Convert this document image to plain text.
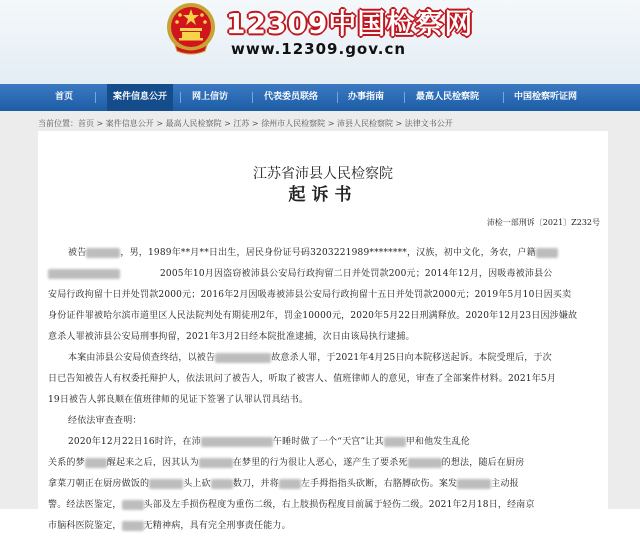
12309中国检察网
www.12309.gov.cn
首页	案件信息公开	网上信访	代表委员联络	办事指南	最高人民检察院	中国检察听证网
当前位置：首页 > 案件信息公开 > 最高人民检察院 > 江苏 > 徐州市人民检察院 > 沛县人民检察院 > 法律文书公开
江苏省沛县人民检察院
起诉书
沛检一部刑诉〔2021〕Z232号
被告	，男，1989年**月**日出生，居民身份证号码3203221989********，汉族，初中文化，务农，户籍
2005年10月因盗窃被沛县公安局行政拘留二日并处罚款200元；2014年12月，因吸毒被沛县公
安局行政拘留十日并处罚款2000元；2016年2月因吸毒被沛县公安局行政拘留十五日并处罚款2000元；2019年5月10日因买卖
身份证件罪被哈尔滨市道里区人民法院判处有期徒刑2年，罚金10000元，2020年5月22日刑满释放。2020年12月23日因涉嫌故
意杀人罪被沛县公安局刑事拘留，2021年3月2日经本院批准逮捕，次日由该局执行逮捕。
本案由沛县公安局侦查终结，以被告	故意杀人罪，于2021年4月25日向本院移送起诉。本院受理后，于次
日已告知被告人有权委托辩护人，依法讯问了被告人，听取了被害人、值班律师人的意见，审查了全部案件材料。2021年5月
19日被告人郭良顺在值班律师的见证下签署了认罪认罚具结书。
经依法审查查明：
2020年12月22日16时许，在沛	午睡时做了一个“天宫”让其 甲和他发生乱伦
关系的梦 醒起来之后，因其认为	在梦里的行为很让人恶心，遂产生了要杀死	的想法，随后在厨房
拿菜刀朝正在厨房做饭的	头上砍 数刀，并将 左手拇指指头砍断，右胳膊砍伤。案发	主动报
警。经法医鉴定， 头部及左手损伤程度为重伤二级，右上肢损伤程度目前属于轻伤二级。2021年2月18日，经南京
市脑科医院鉴定， 无精神病，具有完全刑事责任能力。
